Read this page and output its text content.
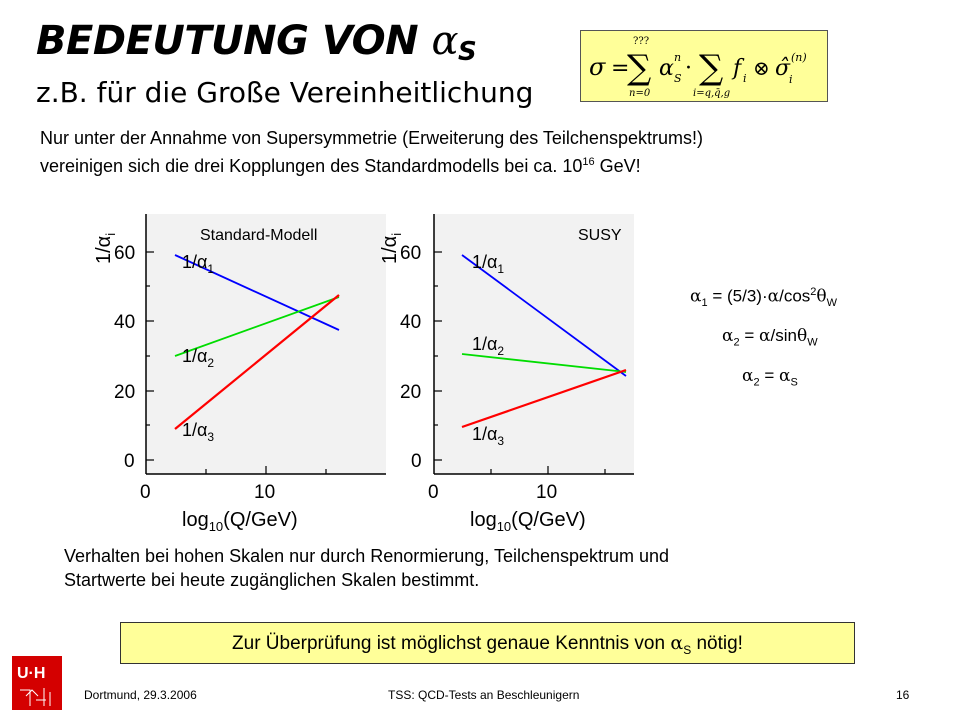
BEDEUTUNG VON αS
z.B. für die Große Vereinheitlichung
σ =
???
∑
n=0
α n
S · ∑
i=q,q̄,g
f i ⊗ σ̂
i
(n)
Nur unter der Annahme von Supersymmetrie (Erweiterung des Teilchenspektrums!)
vereinigen sich die drei Kopplungen des Standardmodells bei ca. $10^{16}$ GeV!
60
40
20
0
0	10
$\log_{10}(Q/GeV)$
$1/\alpha_i$	Standard-Modell
$1/\alpha_1$
$1/\alpha_2$
$1/\alpha_3$
60
40
20
0
0	10
$\log_{10}(Q/GeV)$
$1/\alpha_i$	SUSY
$1/\alpha_1$
$1/\alpha_2$
$1/\alpha_3$
$\alpha_1 = (5/3)\cdot\alpha/\cos^2\theta_W$
$\alpha_2 = \alpha/\sin\theta_W$
$\alpha_2 = \alpha_S$
Verhalten bei hohen Skalen nur durch Renormierung, Teilchenspektrum und
Startwerte bei heute zugänglichen Skalen bestimmt.
Zur Überprüfung ist möglichst genaue Kenntnis von $\alpha_S$ nötig!
U·H
Dortmund, 29.3.2006	TSS: QCD-Tests an Beschleunigern	16
